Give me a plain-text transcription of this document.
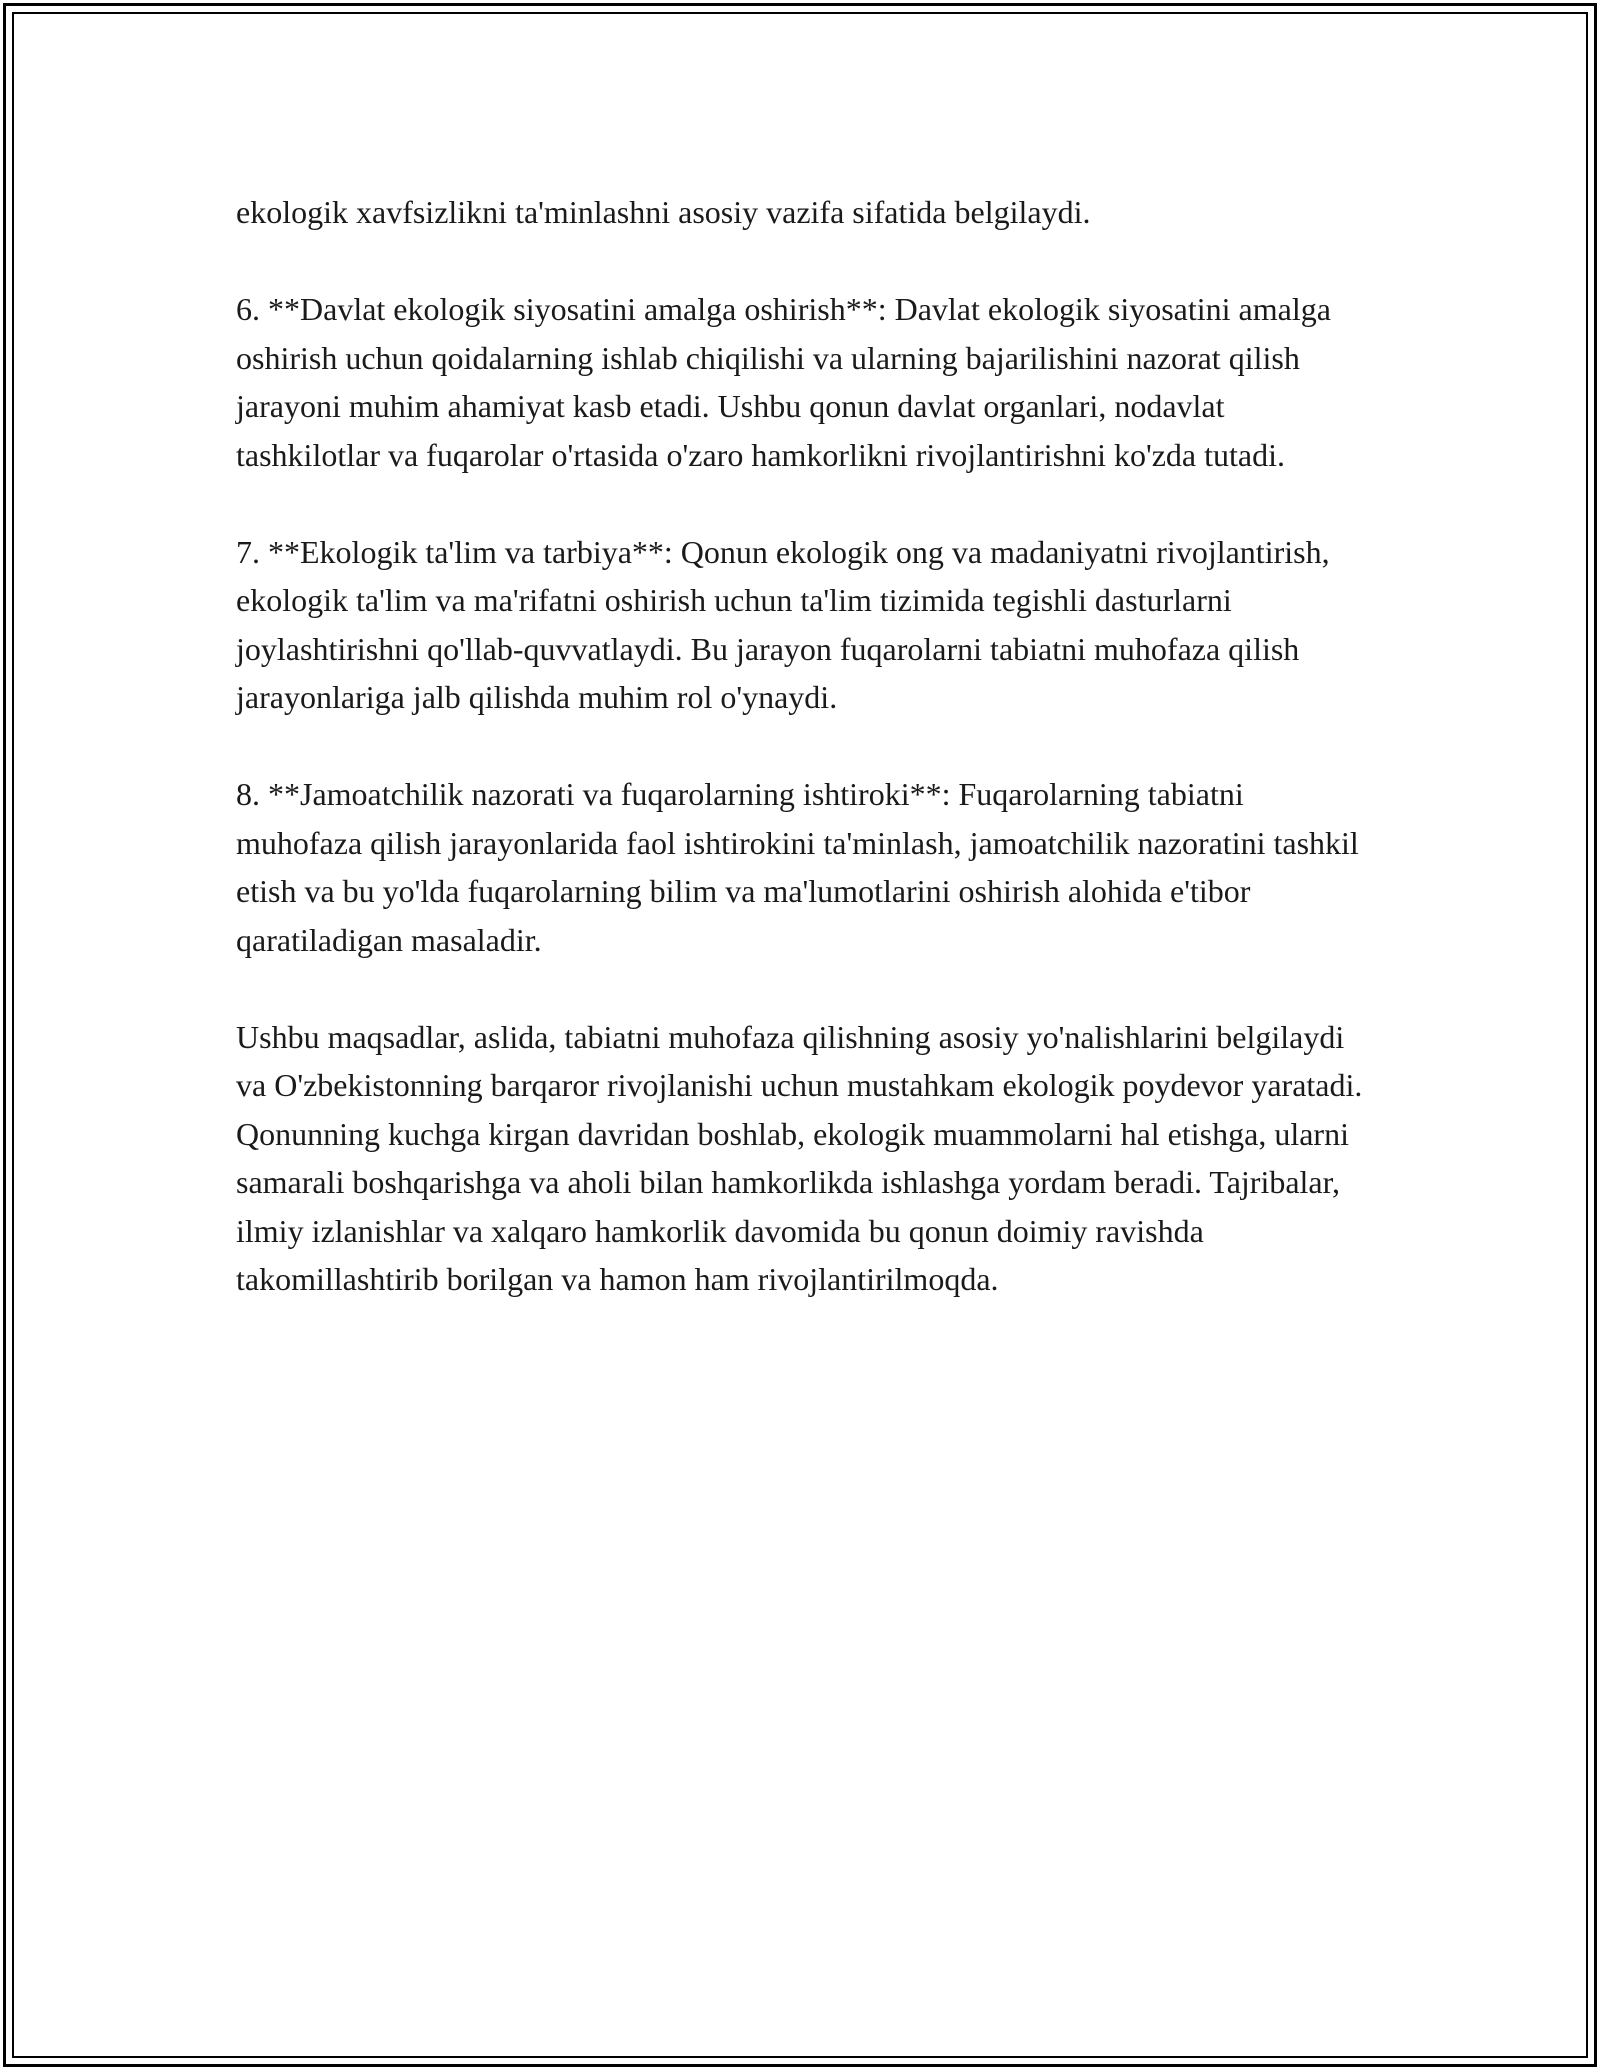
ekologik xavfsizlikni ta'minlashni asosiy vazifa sifatida belgilaydi.

6. **Davlat ekologik siyosatini amalga oshirish**: Davlat ekologik siyosatini amalga oshirish uchun qoidalarning ishlab chiqilishi va ularning bajarilishini nazorat qilish jarayoni muhim ahamiyat kasb etadi. Ushbu qonun davlat organlari, nodavlat tashkilotlar va fuqarolar o'rtasida o'zaro hamkorlikni rivojlantirishni ko'zda tutadi.

7. **Ekologik ta'lim va tarbiya**: Qonun ekologik ong va madaniyatni rivojlantirish, ekologik ta'lim va ma'rifatni oshirish uchun ta'lim tizimida tegishli dasturlarni joylashtirishni qo'llab-quvvatlaydi. Bu jarayon fuqarolarni tabiatni muhofaza qilish jarayonlariga jalb qilishda muhim rol o'ynaydi.

8. **Jamoatchilik nazorati va fuqarolarning ishtiroki**: Fuqarolarning tabiatni muhofaza qilish jarayonlarida faol ishtirokini ta'minlash, jamoatchilik nazoratini tashkil etish va bu yo'lda fuqarolarning bilim va ma'lumotlarini oshirish alohida e'tibor qaratiladigan masaladir.

Ushbu maqsadlar, aslida, tabiatni muhofaza qilishning asosiy yo'nalishlarini belgilaydi va O'zbekistonning barqaror rivojlanishi uchun mustahkam ekologik poydevor yaratadi. Qonunning kuchga kirgan davridan boshlab, ekologik muammolarni hal etishga, ularni samarali boshqarishga va aholi bilan hamkorlikda ishlashga yordam beradi. Tajribalar, ilmiy izlanishlar va xalqaro hamkorlik davomida bu qonun doimiy ravishda takomillashtirib borilgan va hamon ham rivojlantirilmoqda.
